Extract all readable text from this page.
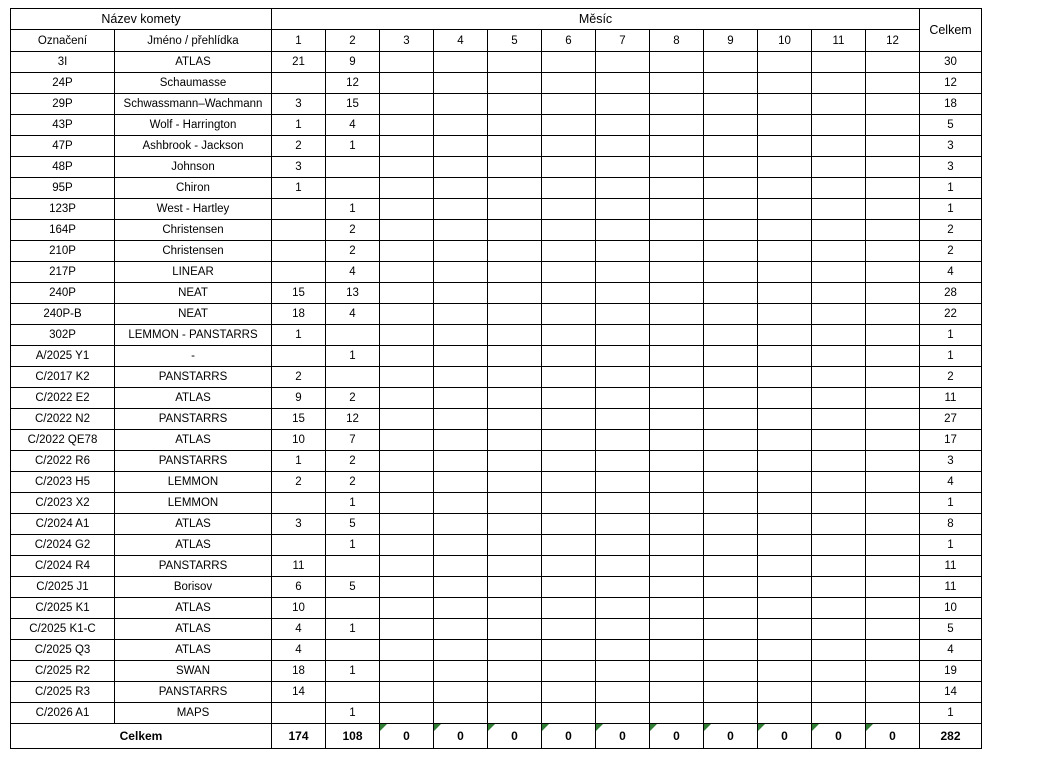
Název komety		Měsíc												Celkem
Označení	Jméno / přehlídka	1	2	3	4	5	6	7	8	9	10	11	12	
3I	ATLAS	21	9											30
24P	Schaumasse		12											12
29P	Schwassmann–Wachmann	3	15											18
43P	Wolf - Harrington	1	4											5
47P	Ashbrook - Jackson	2	1											3
48P	Johnson	3												3
95P	Chiron	1												1
123P	West - Hartley		1											1
164P	Christensen		2											2
210P	Christensen		2											2
217P	LINEAR		4											4
240P	NEAT	15	13											28
240P-B	NEAT	18	4											22
302P	LEMMON - PANSTARRS	1												1
A/2025 Y1	-		1											1
C/2017 K2	PANSTARRS	2												2
C/2022 E2	ATLAS	9	2											11
C/2022 N2	PANSTARRS	15	12											27
C/2022 QE78	ATLAS	10	7											17
C/2022 R6	PANSTARRS	1	2											3
C/2023 H5	LEMMON	2	2											4
C/2023 X2	LEMMON		1											1
C/2024 A1	ATLAS	3	5											8
C/2024 G2	ATLAS		1											1
C/2024 R4	PANSTARRS	11												11
C/2025 J1	Borisov	6	5											11
C/2025 K1	ATLAS	10												10
C/2025 K1-C	ATLAS	4	1											5
C/2025 Q3	ATLAS	4												4
C/2025 R2	SWAN	18	1											19
C/2025 R3	PANSTARRS	14												14
C/2026 A1	MAPS		1											1
Celkem		174	108	0	0	0	0	0	0	0	0	0	0	282
